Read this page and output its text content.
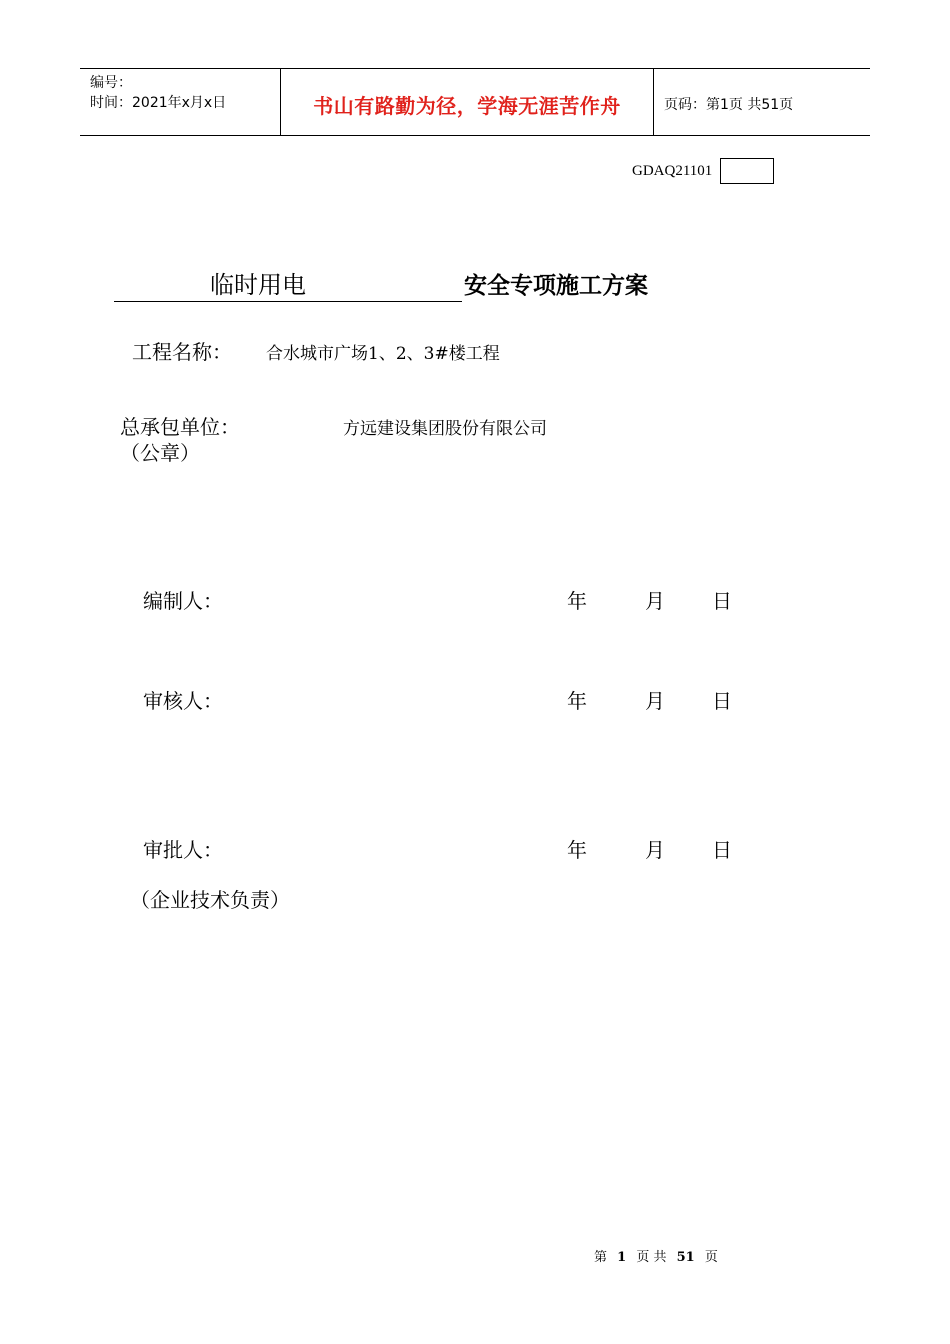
编号：
时间：2021年x月x日	书山有路勤为径，学海无涯苦作舟	页码：第1页 共51页
GDAQ21101
临时用电	安全专项施工方案
工程名称： 合水城市广场1、2、3#楼工程
总承包单位：	方远建设集团股份有限公司
（公章）
编制人：	年	月 日
审核人：	年	月 日
审批人：	年	月 日
（企业技术负责）
第 1 页 共 51 页
